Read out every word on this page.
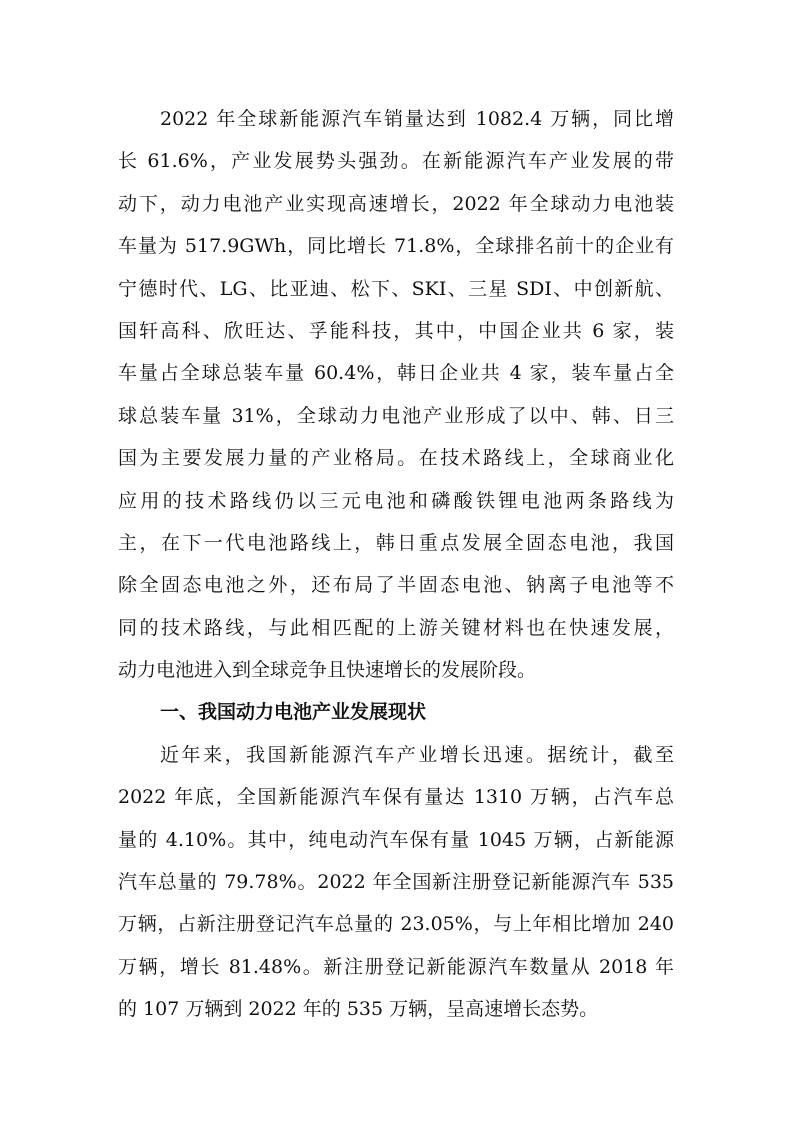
2022 年全球新能源汽车销量达到 1082.4 万辆，同比增
长 61.6%，产业发展势头强劲。在新能源汽车产业发展的带
动下，动力电池产业实现高速增长，2022 年全球动力电池装
车量为 517.9GWh，同比增长 71.8%，全球排名前十的企业有
宁德时代、LG、比亚迪、松下、SKI、三星 SDI、中创新航、
国轩高科、欣旺达、孚能科技，其中，中国企业共 6 家，装
车量占全球总装车量 60.4%，韩日企业共 4 家，装车量占全
球总装车量 31%，全球动力电池产业形成了以中、韩、日三
国为主要发展力量的产业格局。在技术路线上，全球商业化
应用的技术路线仍以三元电池和磷酸铁锂电池两条路线为
主，在下一代电池路线上，韩日重点发展全固态电池，我国
除全固态电池之外，还布局了半固态电池、钠离子电池等不
同的技术路线，与此相匹配的上游关键材料也在快速发展，
动力电池进入到全球竞争且快速增长的发展阶段。
一、我国动力电池产业发展现状
近年来，我国新能源汽车产业增长迅速。据统计，截至
2022 年底，全国新能源汽车保有量达 1310 万辆，占汽车总
量的 4.10%。其中，纯电动汽车保有量 1045 万辆，占新能源
汽车总量的 79.78%。2022 年全国新注册登记新能源汽车 535
万辆，占新注册登记汽车总量的 23.05%，与上年相比增加 240
万辆，增长 81.48%。新注册登记新能源汽车数量从 2018 年
的 107 万辆到 2022 年的 535 万辆，呈高速增长态势。
